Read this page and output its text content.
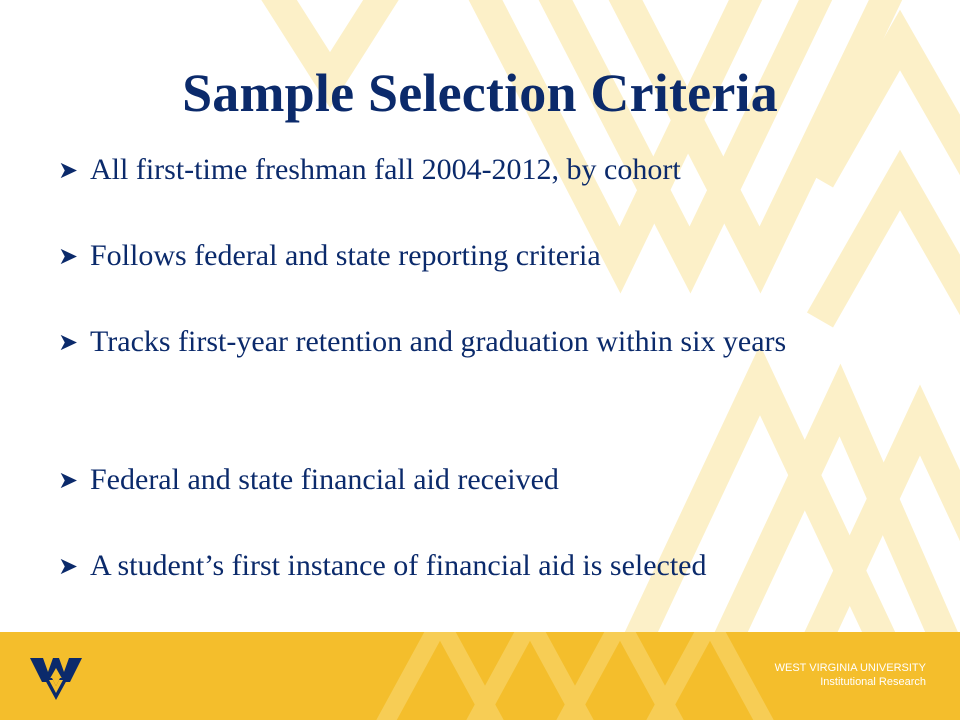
Sample Selection Criteria
➤ All first-time freshman fall 2004-2012, by cohort
➤ Follows federal and state reporting criteria
➤ Tracks first-year retention and graduation within six years
➤ Federal and state financial aid received
➤ A student’s first instance of financial aid is selected
WEST VIRGINIA UNIVERSITY
Institutional Research
